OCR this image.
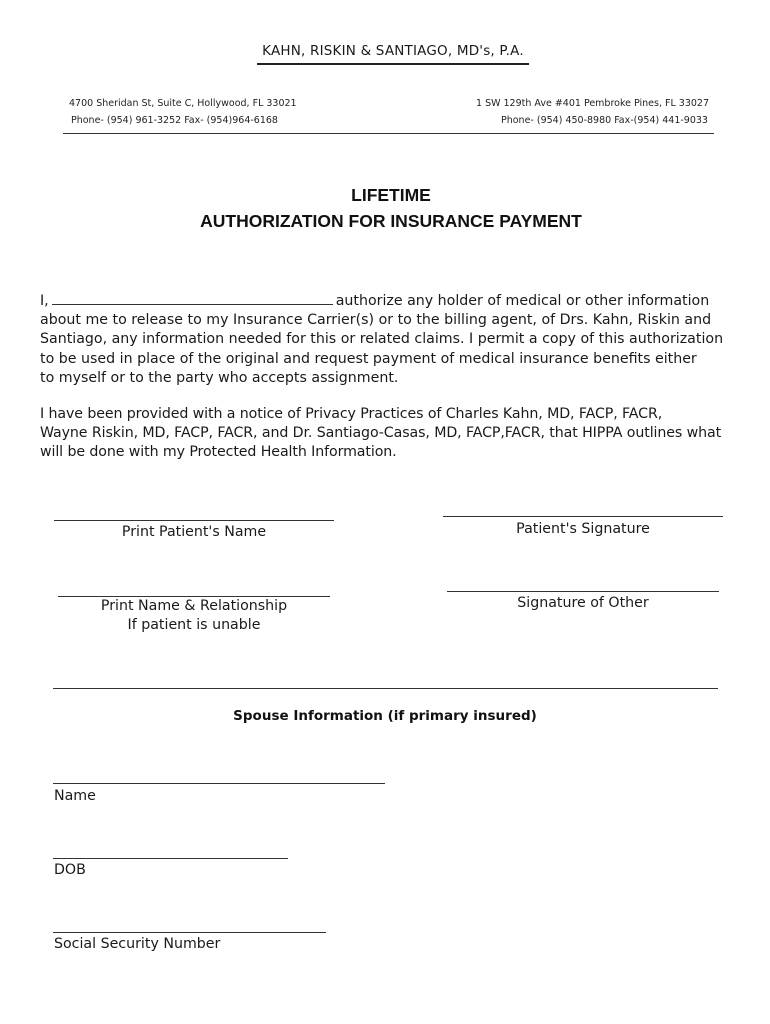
KAHN, RISKIN & SANTIAGO, MD's, P.A.
4700 Sheridan St, Suite C, Hollywood, FL 33021
Phone- (954) 961-3252 Fax- (954)964-6168
1 SW 129th Ave #401 Pembroke Pines, FL 33027
Phone- (954) 450-8980 Fax-(954) 441-9033
LIFETIME
AUTHORIZATION FOR INSURANCE PAYMENT

I,	authorize any holder of medical or other information

about me to release to my Insurance Carrier(s) or to the billing agent, of Drs. Kahn, Riskin and

Santiago, any information needed for this or related claims. I permit a copy of this authorization

to be used in place of the original and request payment of medical insurance benefits either

to myself or to the party who accepts assignment.

I have been provided with a notice of Privacy Practices of Charles Kahn, MD, FACP, FACR,

Wayne Riskin, MD, FACP, FACR, and Dr. Santiago-Casas, MD, FACP,FACR, that HIPPA outlines what

will be done with my Protected Health Information.

Print Patient's Name	Patient's Signature
Print Name & Relationship
If patient is unable
Signature of Other
Spouse Information (if primary insured)
Name
DOB
Social Security Number
